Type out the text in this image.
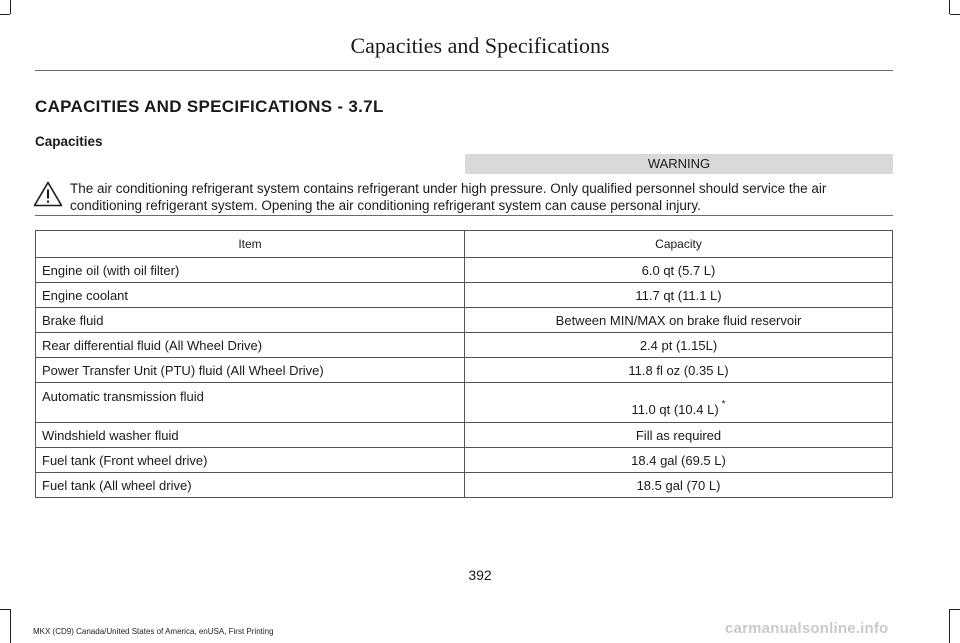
Capacities and Specifications
CAPACITIES AND SPECIFICATIONS - 3.7L
Capacities
WARNING
The air conditioning refrigerant system contains refrigerant under high pressure. Only qualified personnel should service the air conditioning refrigerant system. Opening the air conditioning refrigerant system can cause personal injury.
Item	Capacity
Engine oil (with oil filter)	6.0 qt (5.7 L)
Engine coolant	11.7 qt (11.1 L)
Brake fluid	Between MIN/MAX on brake fluid reservoir
Rear differential fluid (All Wheel Drive)	2.4 pt (1.15L)
Power Transfer Unit (PTU) fluid (All Wheel Drive)	11.8 fl oz (0.35 L)
Automatic transmission fluid	11.0 qt (10.4 L) *
Windshield washer fluid	Fill as required
Fuel tank (Front wheel drive)	18.4 gal (69.5 L)
Fuel tank (All wheel drive)	18.5 gal (70 L)
392
MKX (CD9) Canada/United States of America, enUSA, First Printing	carmanualsonline.info
